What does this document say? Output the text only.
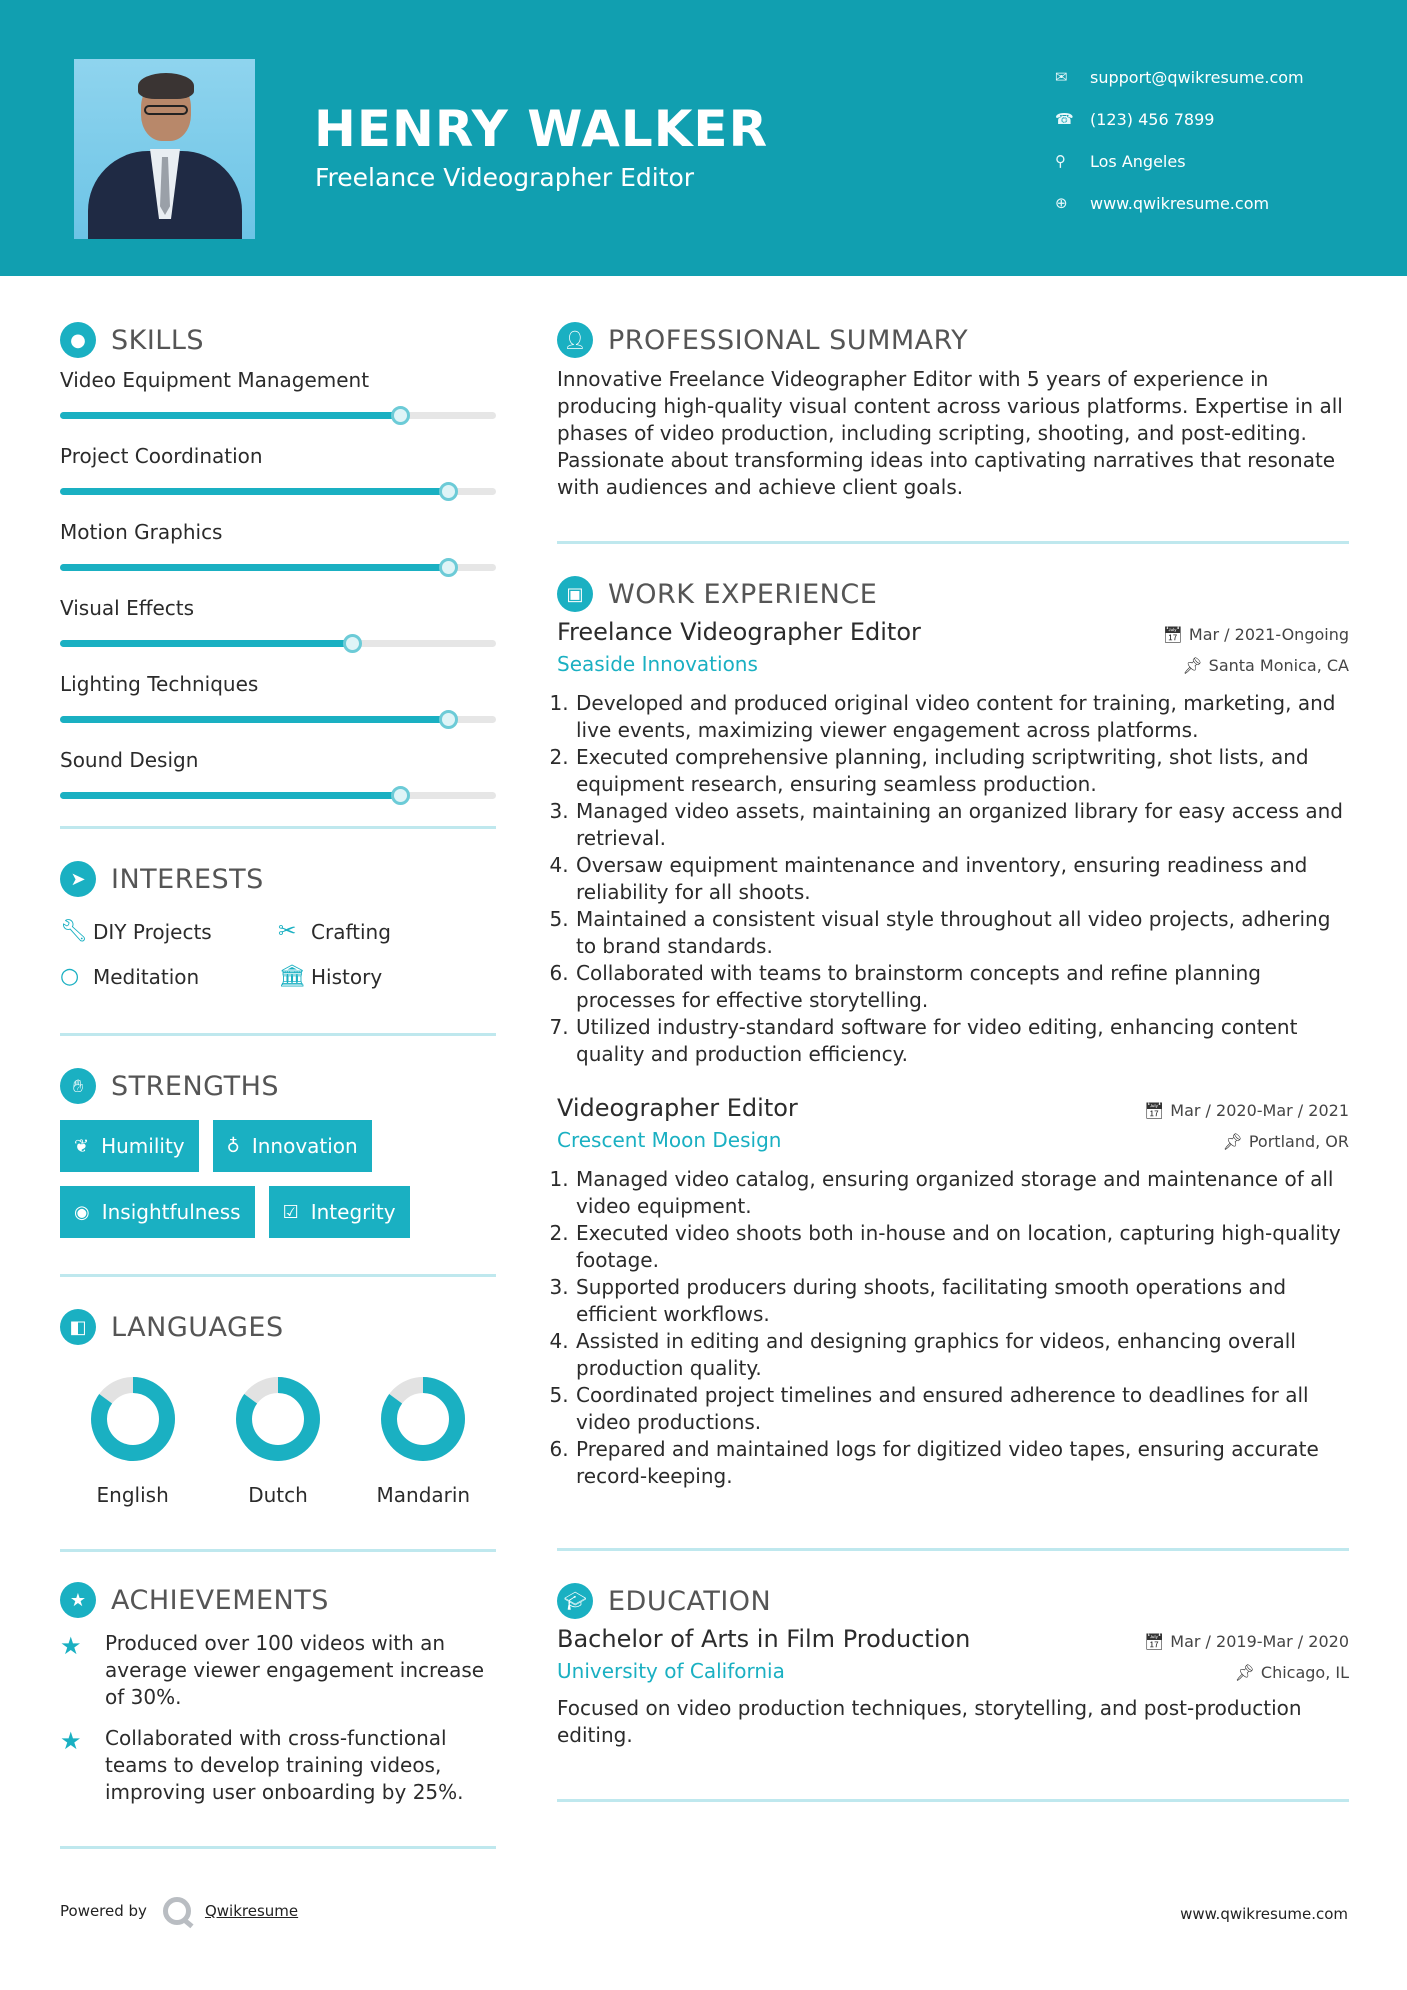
HENRY WALKER
Freelance Videographer Editor
✉	support@qwikresume.com
☎	(123) 456 7899
⚲	Los Angeles
⊕	www.qwikresume.com
● SKILLS
Video Equipment Management
Project Coordination
Motion Graphics
Visual Effects
Lighting Techniques
Sound Design
➤ INTERESTS
🔧︎ DIY Projects	✂ Crafting
○ Meditation	🏛︎ History
✋︎	STRENGTHS
❦ Humility ♁ Innovation
◉ Insightfulness ☑ Integrity
◧ LANGUAGES
English	Dutch	Mandarin
★ ACHIEVEMENTS
★	Produced over 100 videos with an average viewer engagement increase of 30%.
★	Collaborated with cross-functional teams to develop training videos, improving user onboarding by 25%.
👤︎ PROFESSIONAL SUMMARY

Innovative Freelance Videographer Editor with 5 years of experience in producing high-quality visual content across various platforms. Expertise in all phases of video production, including scripting, shooting, and post-editing. Passionate about transforming ideas into captivating narratives that resonate with audiences and achieve client goals.

▣ WORK EXPERIENCE
Freelance Videographer Editor	📅︎ Mar / 2021-Ongoing
Seaside Innovations	📌︎ Santa Monica, CA
1. Developed and produced original video content for training, marketing, and live events, maximizing viewer engagement across platforms.
2. Executed comprehensive planning, including scriptwriting, shot lists, and equipment research, ensuring seamless production.
3. Managed video assets, maintaining an organized library for easy access and retrieval.
4. Oversaw equipment maintenance and inventory, ensuring readiness and reliability for all shoots.
5. Maintained a consistent visual style throughout all video projects, adhering to brand standards.
6. Collaborated with teams to brainstorm concepts and refine planning processes for effective storytelling.
7. Utilized industry-standard software for video editing, enhancing content quality and production efficiency.
Videographer Editor	📅︎ Mar / 2020-Mar / 2021
Crescent Moon Design	📌︎ Portland, OR
1. Managed video catalog, ensuring organized storage and maintenance of all video equipment.
2. Executed video shoots both in-house and on location, capturing high-quality footage.
3. Supported producers during shoots, facilitating smooth operations and efficient workflows.
4. Assisted in editing and designing graphics for videos, enhancing overall production quality.
5. Coordinated project timelines and ensured adherence to deadlines for all video productions.
6. Prepared and maintained logs for digitized video tapes, ensuring accurate record-keeping.
🎓︎ EDUCATION
Bachelor of Arts in Film Production	📅︎ Mar / 2019-Mar / 2020
University of California	📌︎ Chicago, IL

Focused on video production techniques, storytelling, and post-production editing.

Powered by	Qwikresume	www.qwikresume.com
